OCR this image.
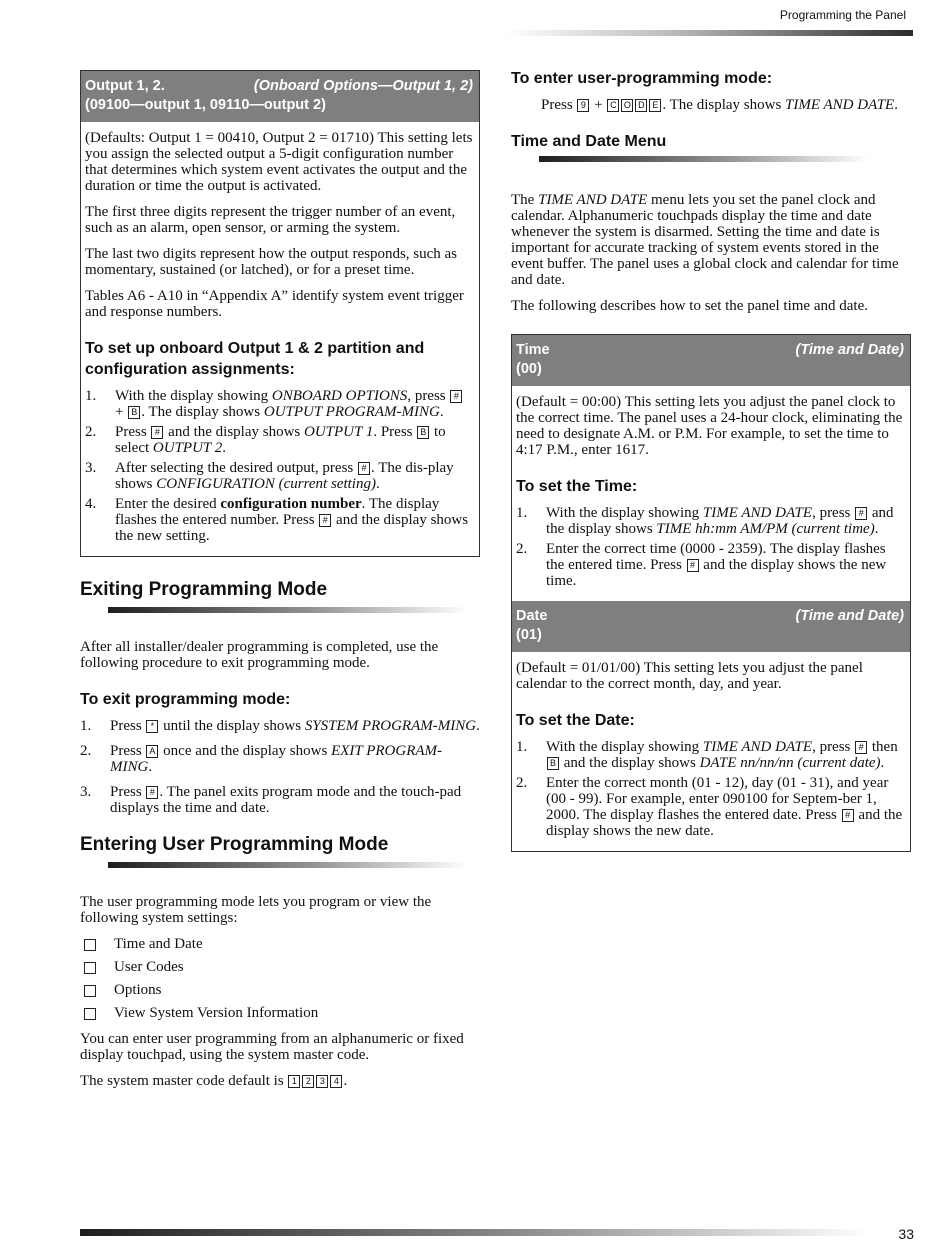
Programming the Panel
Output 1, 2.	(Onboard Options—Output 1, 2)
(09100—output 1, 09110—output 2)

(Defaults: Output 1 = 00410, Output 2 = 01710) This setting lets you assign the selected output a 5-digit configuration number that determines which system event activates the output and the duration or time the output is activated.

The first three digits represent the trigger number of an event, such as an alarm, open sensor, or arming the system.

The last two digits represent how the output responds, such as momentary, sustained (or latched), or for a preset time.

Tables A6 - A10 in “Appendix A” identify system event trigger and response numbers.

To set up onboard Output 1 & 2 partition and configuration assignments:
1.	With the display showing ONBOARD OPTIONS, press # + B . The display shows OUTPUT PROGRAM-MING.
2.	Press # and the display shows OUTPUT 1. Press B to select OUTPUT 2.
3.	After selecting the desired output, press # . The dis-play shows CONFIGURATION (current setting).
4.	Enter the desired configuration number. The display flashes the entered number. Press # and the display shows the new setting.
Exiting Programming Mode

After all installer/dealer programming is completed, use the following procedure to exit programming mode.

To exit programming mode:
1.	Press * until the display shows SYSTEM PROGRAM-MING.
2.	Press A once and the display shows EXIT PROGRAM-MING.
3.	Press # . The panel exits program mode and the touch-pad displays the time and date.
Entering User Programming Mode

The user programming mode lets you program or view the following system settings:

Time and Date
User Codes
Options
View System Version Information

You can enter user programming from an alphanumeric or fixed display touchpad, using the system master code.

The system master code default is 1 2 3 4 .

To enter user-programming mode:

Press 9 + C O D E . The display shows TIME AND DATE.

Time and Date Menu

The TIME AND DATE menu lets you set the panel clock and calendar. Alphanumeric touchpads display the time and date whenever the system is disarmed. Setting the time and date is important for accurate tracking of system events stored in the event buffer. The panel uses a global clock and calendar for time and date.

The following describes how to set the panel time and date.

Time	(Time and Date)
(00)

(Default = 00:00) This setting lets you adjust the panel clock to the correct time. The panel uses a 24-hour clock, eliminating the need to designate A.M. or P.M. For example, to set the time to 4:17 P.M., enter 1617.

To set the Time:
1.	With the display showing TIME AND DATE, press # and the display shows TIME hh:mm AM/PM (current time).
2.	Enter the correct time (0000 - 2359). The display flashes the entered time. Press # and the display shows the new time.
Date	(Time and Date)
(01)

(Default = 01/01/00) This setting lets you adjust the panel calendar to the correct month, day, and year.

To set the Date:
1.	With the display showing TIME AND DATE, press # then B and the display shows DATE nn/nn/nn (current date).
2.	Enter the correct month (01 - 12), day (01 - 31), and year (00 - 99). For example, enter 090100 for Septem-ber 1, 2000. The display flashes the entered date. Press # and the display shows the new date.
33
